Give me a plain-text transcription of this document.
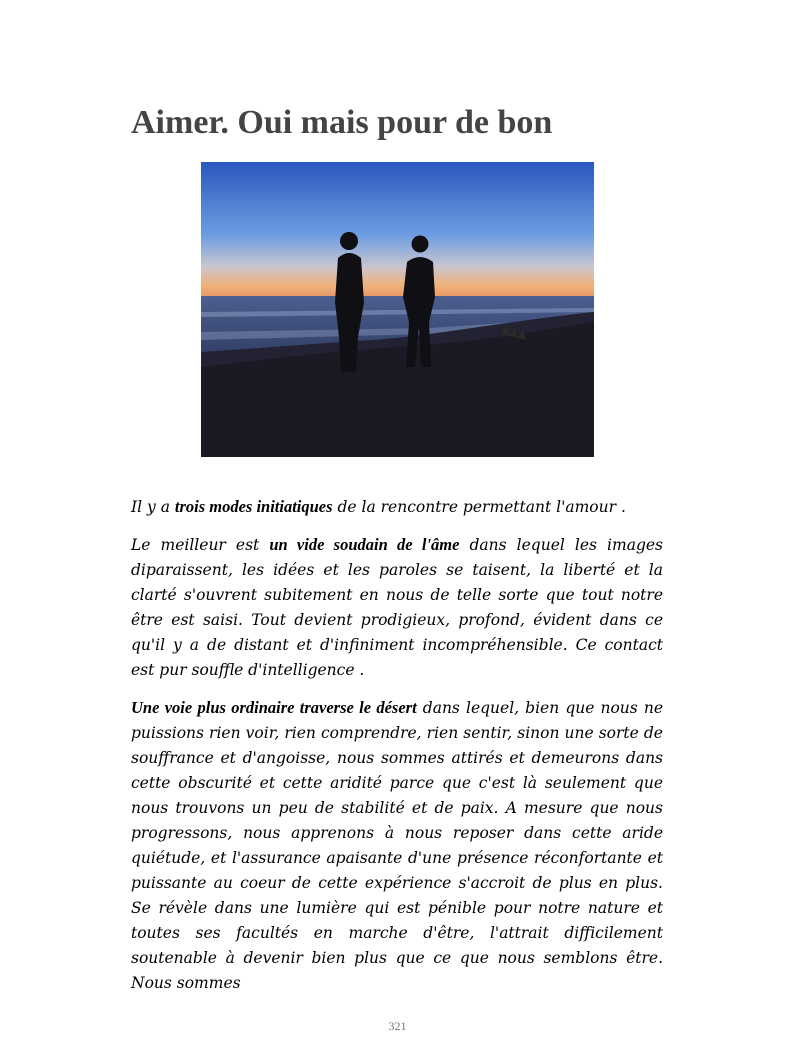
Aimer. Oui mais pour de bon

Il y a trois modes initiatiques de la rencontre permettant l'amour .

Le meilleur est un vide soudain de l'âme dans lequel les images diparaissent, les idées et les paroles se taisent, la liberté et la clarté s'ouvrent subitement en nous de telle sorte que tout notre être est saisi. Tout devient prodigieux, profond, évident dans ce qu'il y a de distant et d'infiniment incompréhensible. Ce contact est pur souffle d'intelligence .

Une voie plus ordinaire traverse le désert dans lequel, bien que nous ne puissions rien voir, rien comprendre, rien sentir, sinon une sorte de souffrance et d'angoisse, nous sommes attirés et demeurons dans cette obscurité et cette aridité parce que c'est là seulement que nous trouvons un peu de stabilité et de paix. A mesure que nous progressons, nous apprenons à nous reposer dans cette aride quiétude, et l'assurance apaisante d'une présence réconfortante et puissante au coeur de cette expérience s'accroit de plus en plus. Se révèle dans une lumière qui est pénible pour notre nature et toutes ses facultés en marche d'être, l'attrait difficilement soutenable à devenir bien plus que ce que nous semblons être. Nous sommes

321
